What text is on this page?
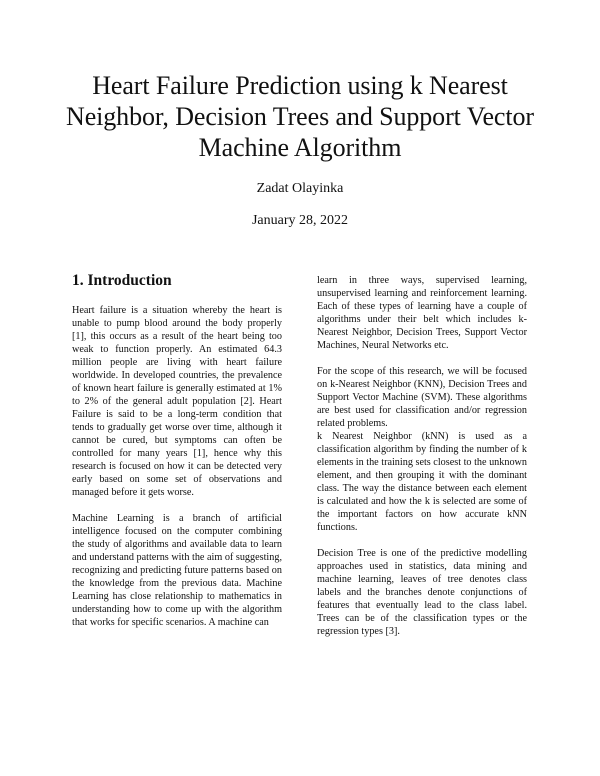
Heart Failure Prediction using k Nearest
Neighbor, Decision Trees and Support Vector
Machine Algorithm
Zadat Olayinka
January 28, 2022
1. Introduction

Heart failure is a situation whereby the heart is unable to pump blood around the body properly [1], this occurs as a result of the heart being too weak to function properly. An estimated 64.3 million people are living with heart failure worldwide. In developed countries, the prevalence of known heart failure is generally estimated at 1% to 2% of the general adult population [2]. Heart Failure is said to be a long-term condition that tends to gradually get worse over time, although it cannot be cured, but symptoms can often be controlled for many years [1], hence why this research is focused on how it can be detected very early based on some set of observations and managed before it gets worse.

Machine Learning is a branch of artificial intelligence focused on the computer combining the study of algorithms and available data to learn and understand patterns with the aim of suggesting, recognizing and predicting future patterns based on the knowledge from the previous data. Machine Learning has close relationship to mathematics in understanding how to come up with the algorithm that works for specific scenarios. A machine can

learn in three ways, supervised learning, unsupervised learning and reinforcement learning. Each of these types of learning have a couple of algorithms under their belt which includes k-Nearest Neighbor, Decision Trees, Support Vector Machines, Neural Networks etc.

For the scope of this research, we will be focused on k-Nearest Neighbor (KNN), Decision Trees and Support Vector Machine (SVM). These algorithms are best used for classification and/or regression related problems.

k Nearest Neighbor (kNN) is used as a classification algorithm by finding the number of k elements in the training sets closest to the unknown element, and then grouping it with the dominant class. The way the distance between each element is calculated and how the k is selected are some of the important factors on how accurate kNN functions.

Decision Tree is one of the predictive modelling approaches used in statistics, data mining and machine learning, leaves of tree denotes class labels and the branches denote conjunctions of features that eventually lead to the class label. Trees can be of the classification types or the regression types [3].
